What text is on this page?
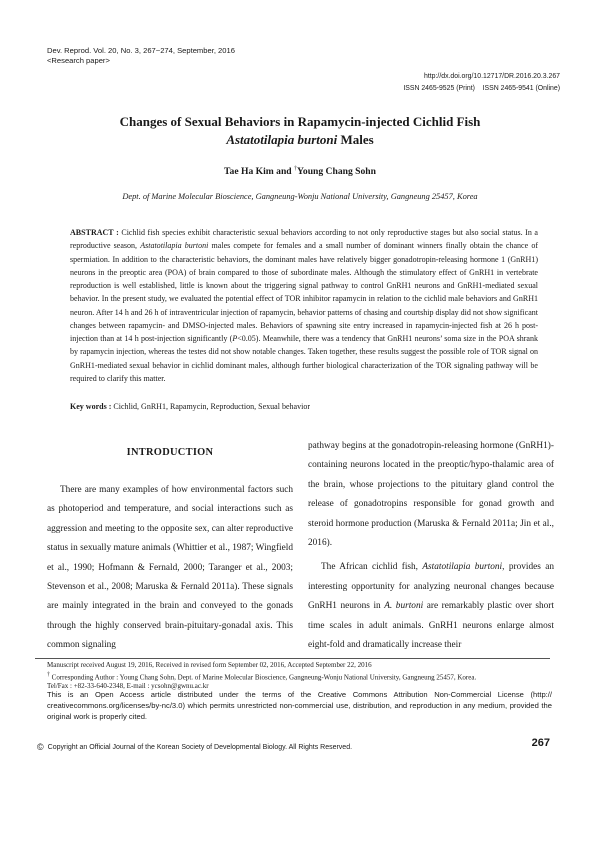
Dev. Reprod. Vol. 20, No. 3, 267~274, September, 2016
<Research paper>
http://dx.doi.org/10.12717/DR.2016.20.3.267
ISSN 2465-9525 (Print)    ISSN 2465-9541 (Online)
Changes of Sexual Behaviors in Rapamycin-injected Cichlid Fish
Astatotilapia burtoni Males
Tae Ha Kim and †Young Chang Sohn
Dept. of Marine Molecular Bioscience, Gangneung-Wonju National University, Gangneung 25457, Korea
ABSTRACT : Cichlid fish species exhibit characteristic sexual behaviors according to not only reproductive stages but also social status. In a reproductive season, Astatotilapia burtoni males compete for females and a small number of dominant winners finally obtain the chance of spermiation. In addition to the characteristic behaviors, the dominant males have relatively bigger gonadotropin-releasing hormone 1 (GnRH1) neurons in the preoptic area (POA) of brain compared to those of subordinate males. Although the stimulatory effect of GnRH1 in vertebrate reproduction is well established, little is known about the triggering signal pathway to control GnRH1 neurons and GnRH1-mediated sexual behavior. In the present study, we evaluated the potential effect of TOR inhibitor rapamycin in relation to the cichlid male behaviors and GnRH1 neuron. After 14 h and 26 h of intraventricular injection of rapamycin, behavior patterns of chasing and courtship display did not show significant changes between rapamycin- and DMSO-injected males. Behaviors of spawning site entry increased in rapamycin-injected fish at 26 h post-injection than at 14 h post-injection significantly (P<0.05). Meanwhile, there was a tendency that GnRH1 neurons’ soma size in the POA shrank by rapamycin injection, whereas the testes did not show notable changes. Taken together, these results suggest the possible role of TOR signal on GnRH1-mediated sexual behavior in cichlid dominant males, although further biological characterization of the TOR signaling pathway will be required to clarify this matter.
Key words : Cichlid, GnRH1, Rapamycin, Reproduction, Sexual behavior
INTRODUCTION

There are many examples of how environmental factors such as photoperiod and temperature, and social interactions such as aggression and meeting to the opposite sex, can alter reproductive status in sexually mature animals (Whittier et al., 1987; Wingfield et al., 1990; Hofmann & Fernald, 2000; Taranger et al., 2003; Stevenson et al., 2008; Maruska & Fernald 2011a). These signals are mainly integrated in the brain and conveyed to the gonads through the highly conserved brain-pituitary-gonadal axis. This common signaling

pathway begins at the gonadotropin-releasing hormone (GnRH1)-containing neurons located in the preoptic/hypo-thalamic area of the brain, whose projections to the pituitary gland control the release of gonadotropins responsible for gonad growth and steroid hormone production (Maruska & Fernald 2011a; Jin et al., 2016).

The African cichlid fish, Astatotilapia burtoni, provides an interesting opportunity for analyzing neuronal changes because GnRH1 neurons in A. burtoni are remarkably plastic over short time scales in adult animals. GnRH1 neurons enlarge almost eight-fold and dramatically increase their

Manuscript received August 19, 2016, Received in revised form September 02, 2016, Accepted September 22, 2016
† Corresponding Author : Young Chang Sohn, Dept. of Marine Molecular Bioscience, Gangneung-Wonju National University, Gangneung 25457, Korea.
Tel/Fax : +82-33-640-2348, E-mail : ycsohn@gwnu.ac.kr
This is an Open Access article distributed under the terms of the Creative Commons Attribution Non-Commercial License (http:// creativecommons.org/licenses/by-nc/3.0) which permits unrestricted non-commercial use, distribution, and reproduction in any medium, provided the original work is properly cited.
© Copyright an Official Journal of the Korean Society of Developmental Biology. All Rights Reserved.	267
